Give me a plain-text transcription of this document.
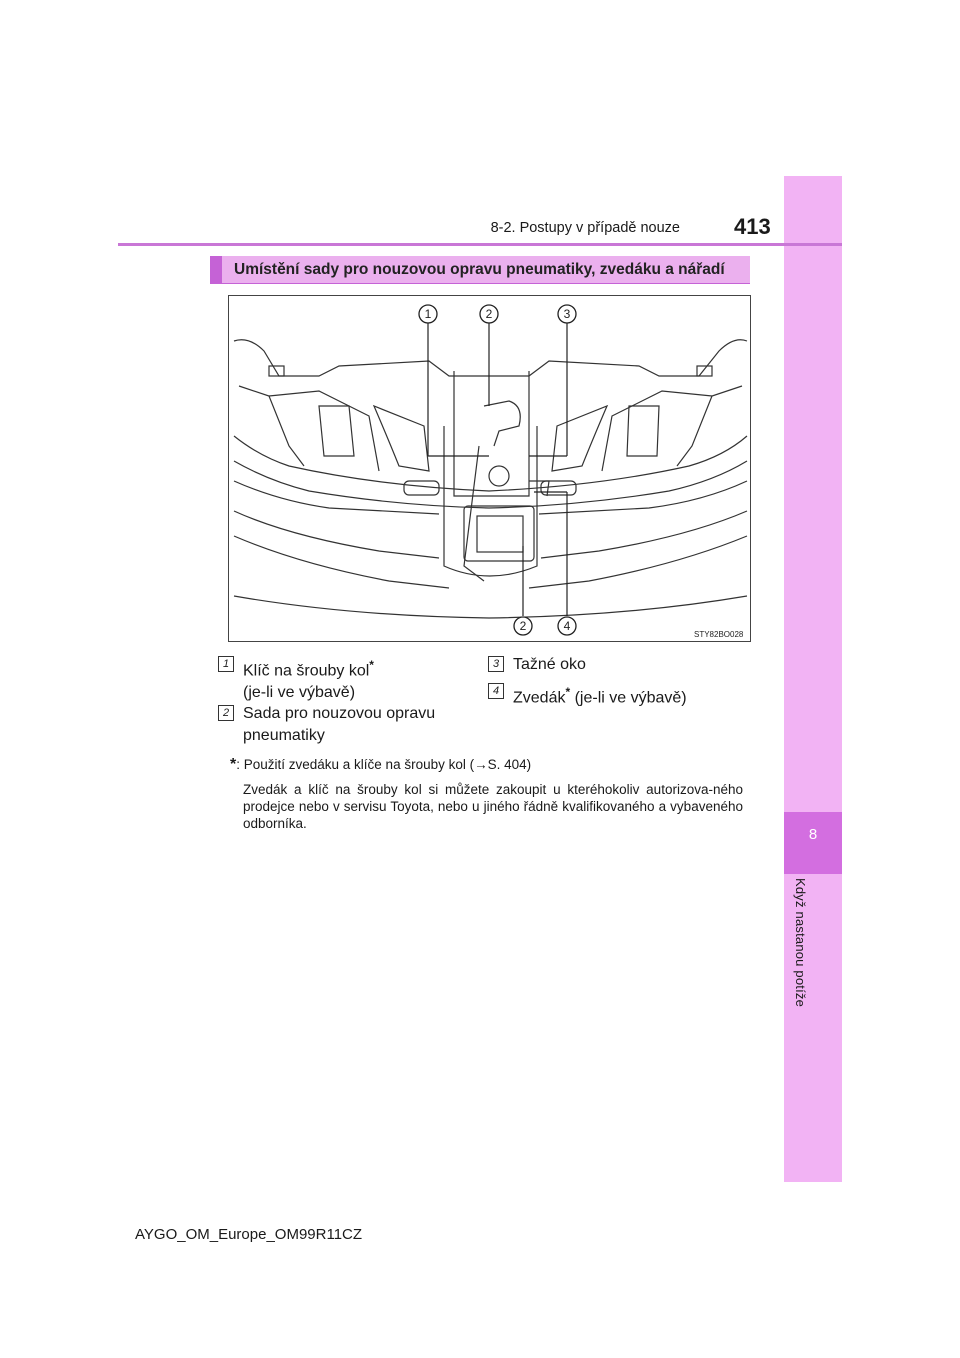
8
Když nastanou potíže
8-2. Postupy v případě nouze 413
Umístění sady pro nouzovou opravu pneumatiky, zvedáku a nářadí
1	2	3
2	4
STY82BO028
1 Klíč na šrouby kol*
(je-li ve výbavě)
2 Sada pro nouzovou opravu
pneumatiky
3 Tažné oko
4 Zvedák* (je-li ve výbavě)
*: Použití zvedáku a klíče na šrouby kol (→S. 404)
Zvedák a klíč na šrouby kol si můžete zakoupit u kteréhokoliv autorizova-ného prodejce nebo v servisu Toyota, nebo u jiného řádně kvalifikovaného a vybaveného odborníka.
AYGO_OM_Europe_OM99R11CZ
